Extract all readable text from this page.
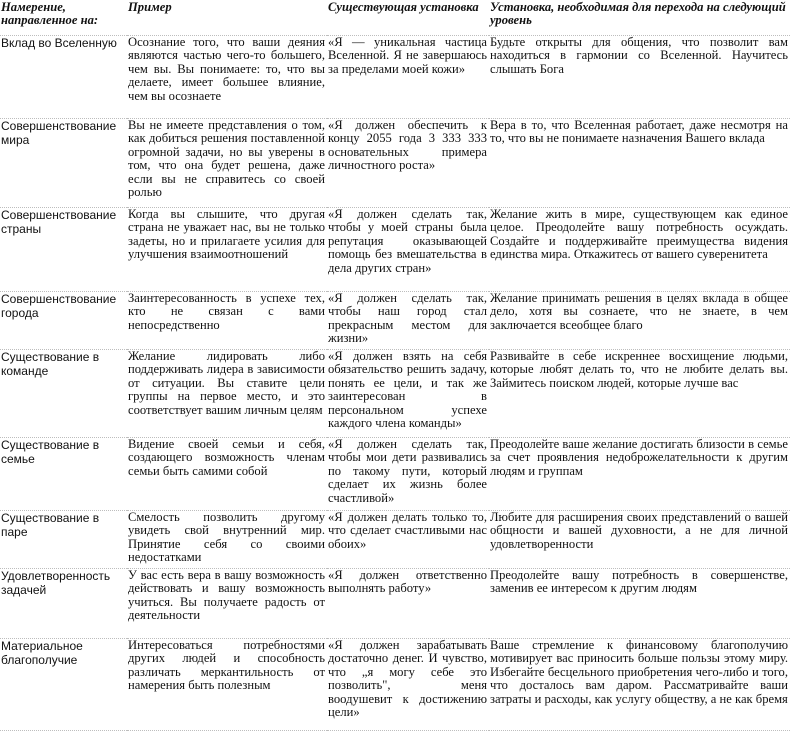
Намерение, направленное на:	Пример	Существующая установка	Установка, необходимая для перехода на следующий уровень
Вклад во Вселенную	Осознание того, что ваши деяния являются частью чего-то большего, чем вы. Вы понимаете: то, что вы делаете, имеет большее влияние, чем вы осознаете	«Я — уникальная частица Вселенной. Я не завершаюсь за пределами моей кожи»	Будьте открыты для общения, что позволит вам находиться в гармонии со Вселенной. Научитесь слышать Бога
Совершенствование мира	Вы не имеете представления о том, как добиться решения поставленной огромной задачи, но вы уверены в том, что она будет решена, даже если вы не справитесь со своей ролью	«Я должен обеспечить к концу 2055 года 3 333 333 основательных примера личностного роста»	Вера в то, что Вселенная работает, даже несмотря на то, что вы не понимаете назначения Вашего вклада
Совершенствование страны	Когда вы слышите, что другая страна не уважает нас, вы не только задеты, но и прилагаете усилия для улучшения взаимоотношений	«Я должен сделать так, чтобы у моей страны была репутация оказывающей помощь без вмешательства в дела других стран»	Желание жить в мире, существующем как единое целое. Преодолейте вашу потребность осуждать. Создайте и поддерживайте преимущества видения единства мира. Откажитесь от вашего суверенитета
Совершенствование города	Заинтересованность в успехе тех, кто не связан с вами непосредственно	«Я должен сделать так, чтобы наш город стал прекрасным местом для жизни»	Желание принимать решения в целях вклада в общее дело, хотя вы сознаете, что не знаете, в чем заключается всеобщее благо
Существование в команде	Желание лидировать либо поддерживать лидера в зависимости от ситуации. Вы ставите цели группы на первое место, и это соответствует вашим личным целям	«Я должен взять на себя обязательство решить задачу, понять ее цели, и так же заинтересован в персональном успехе каждого члена команды»	Развивайте в себе искреннее восхищение людьми, которые любят делать то, что не любите делать вы. Займитесь поиском людей, которые лучше вас
Существование в семье	Видение своей семьи и себя, создающего возможность членам семьи быть самими собой	«Я должен сделать так, чтобы мои дети развивались по такому пути, который сделает их жизнь более счастливой»	Преодолейте ваше желание достигать близости в семье за счет проявления недоброжелательности к другим людям и группам
Существование в паре	Смелость позволить другому увидеть свой внутренний мир. Принятие себя со своими недостатками	«Я должен делать только то, что сделает счастливыми нас обоих»	Любите для расширения своих представлений о вашей общности и вашей духовности, а не для личной удовлетворенности
Удовлетворенность задачей	У вас есть вера в вашу возможность действовать и вашу возможность учиться. Вы получаете радость от деятельности	«Я должен ответственно выполнять работу»	Преодолейте вашу потребность в совершенстве, заменив ее интересом к другим людям
Материальное благополучие	Интересоваться потребностями других людей и способность различать меркантильность от намерения быть полезным	«Я должен зарабатывать достаточно денег. И чувство, что „я могу себе это позволить", меня воодушевит к достижению цели»	Ваше стремление к финансовому благополучию мотивирует вас приносить больше пользы этому миру. Избегайте бесцельного приобретения чего-либо и того, что досталось вам даром. Рассматривайте ваши затраты и расходы, как услугу обществу, а не как бремя
